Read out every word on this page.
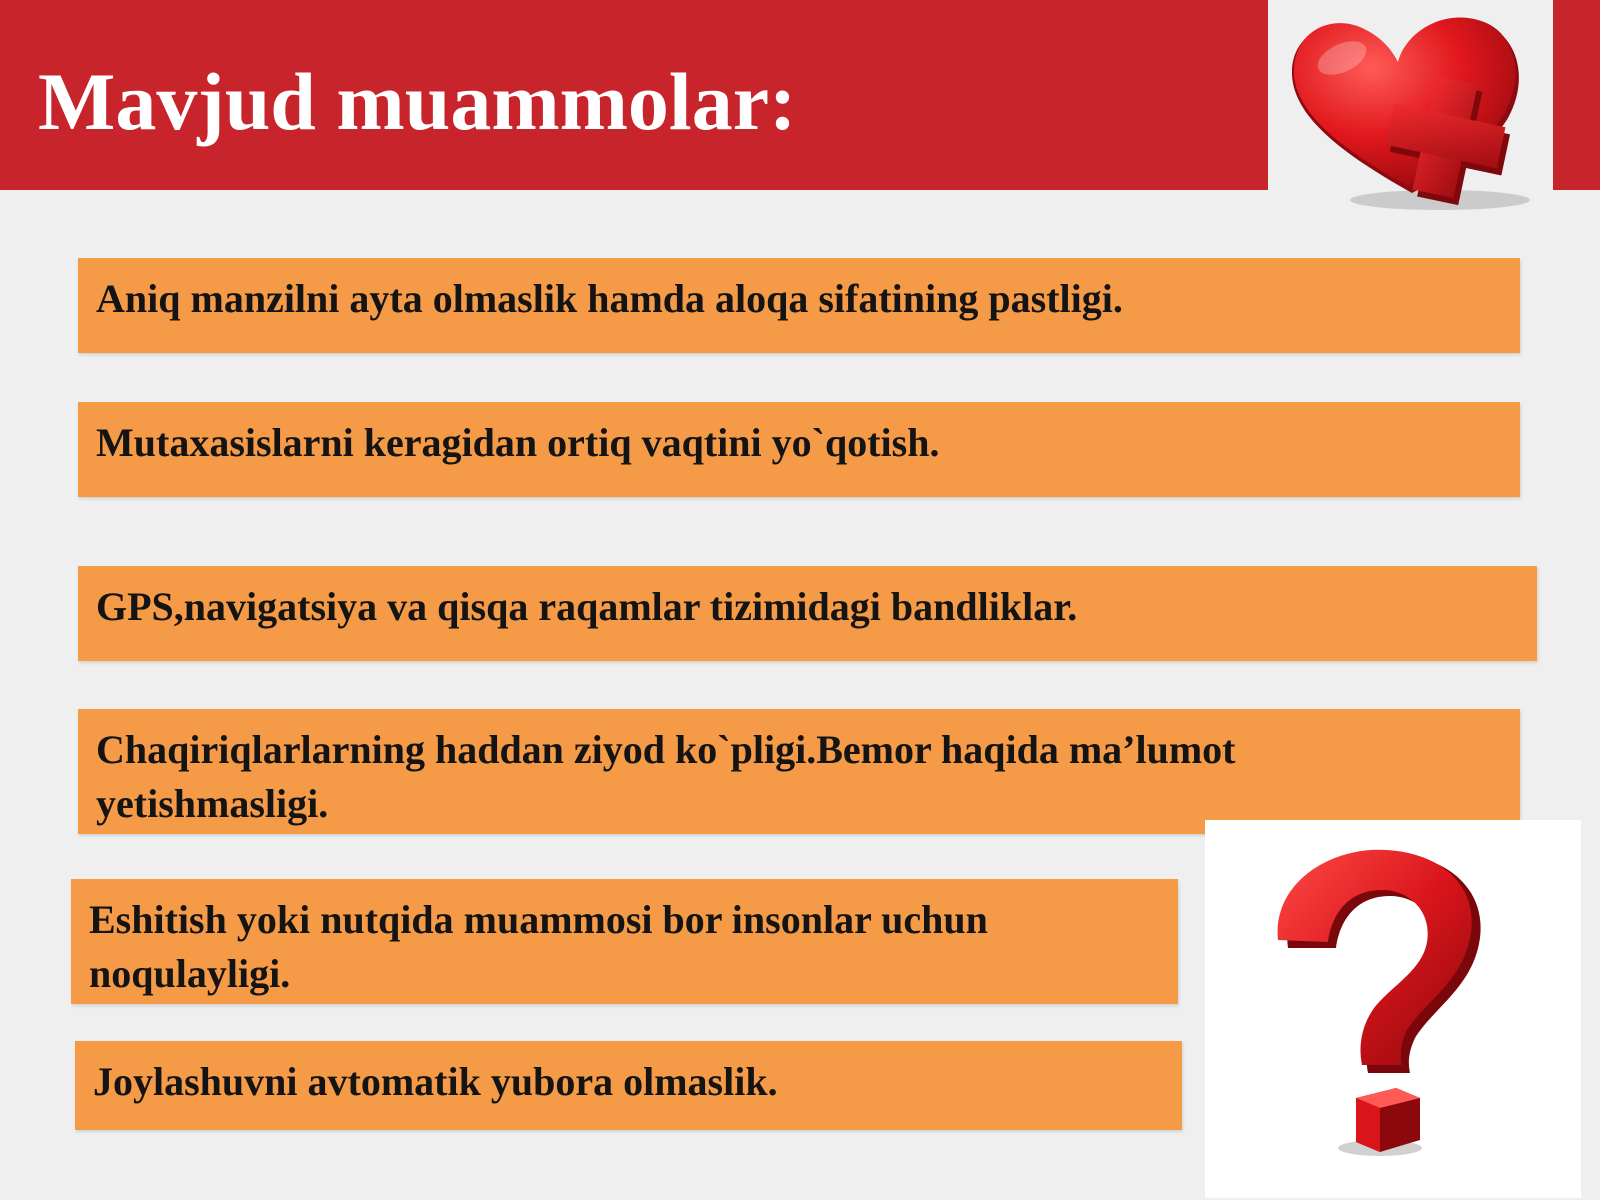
Mavjud muammolar:
Aniq manzilni ayta olmaslik hamda aloqa sifatining pastligi.
Mutaxasislarni keragidan ortiq vaqtini yo`qotish.
GPS,navigatsiya va qisqa raqamlar tizimidagi bandliklar.
Chaqiriqlarlarning haddan ziyod ko`pligi.Bemor haqida ma’lumot yetishmasligi.
Eshitish yoki nutqida muammosi bor insonlar uchun noqulayligi.
Joylashuvni avtomatik yubora olmaslik.
